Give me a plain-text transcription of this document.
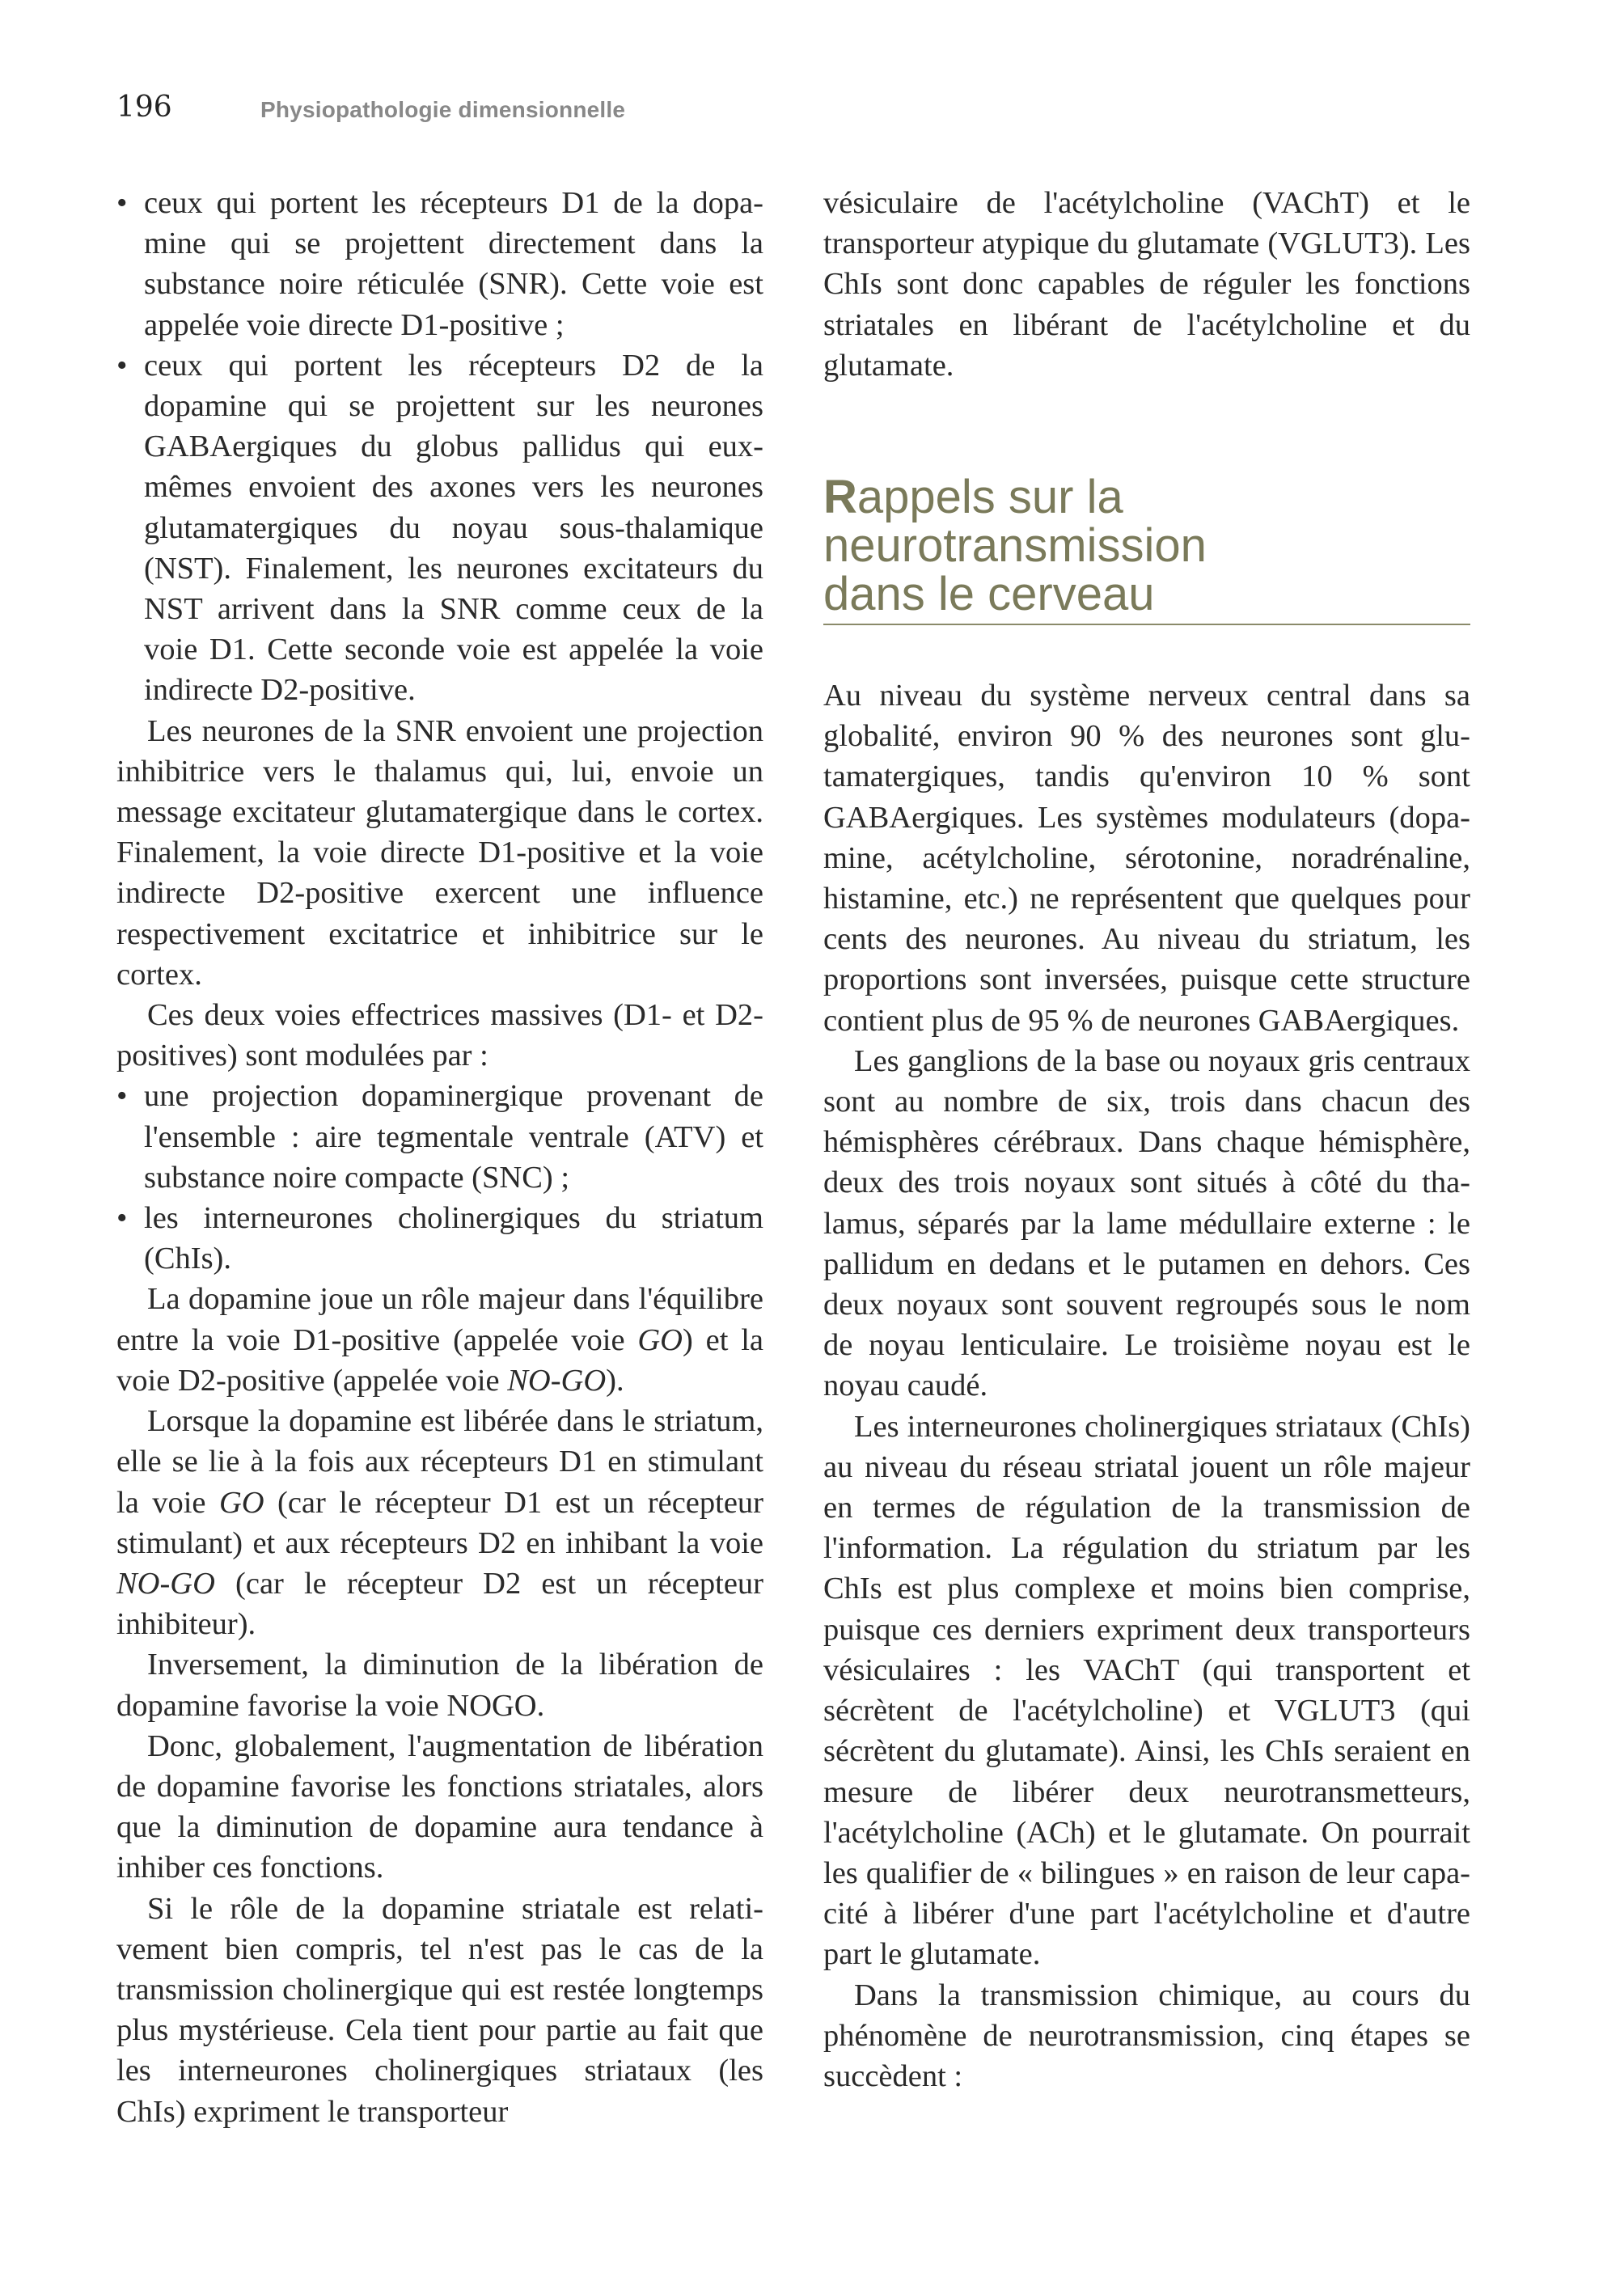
196	Physiopathologie dimensionnelle
• ceux qui portent les récepteurs D1 de la dopamine qui se projettent directement dans la substance noire réticulée (SNR). Cette voie est appelée voie directe D1-positive ;
• ceux qui portent les récepteurs D2 de la dopamine qui se projettent sur les neurones GABAergiques du globus pallidus qui eux-mêmes envoient des axones vers les neurones glutamatergiques du noyau sous-thalamique (NST). Finalement, les neurones excitateurs du NST arrivent dans la SNR comme ceux de la voie D1. Cette seconde voie est appelée la voie indirecte D2-positive.

Les neurones de la SNR envoient une projection inhibitrice vers le thalamus qui, lui, envoie un message excitateur glutamatergique dans le cortex. Finalement, la voie directe D1-positive et la voie indirecte D2-positive exercent une influence respectivement excitatrice et inhibitrice sur le cortex.

Ces deux voies effectrices massives (D1- et D2-positives) sont modulées par :

• une projection dopaminergique provenant de l'ensemble : aire tegmentale ventrale (ATV) et substance noire compacte (SNC) ;
• les interneurones cholinergiques du striatum (ChIs).

La dopamine joue un rôle majeur dans l'équilibre entre la voie D1-positive (appelée voie GO) et la voie D2-positive (appelée voie NO-GO).

Lorsque la dopamine est libérée dans le striatum, elle se lie à la fois aux récepteurs D1 en stimulant la voie GO (car le récepteur D1 est un récepteur stimulant) et aux récepteurs D2 en inhibant la voie NO-GO (car le récepteur D2 est un récepteur inhibiteur).

Inversement, la diminution de la libération de dopamine favorise la voie NOGO.

Donc, globalement, l'augmentation de libération de dopamine favorise les fonctions striatales, alors que la diminution de dopamine aura tendance à inhiber ces fonctions.

Si le rôle de la dopamine striatale est relativement bien compris, tel n'est pas le cas de la transmission cholinergique qui est restée longtemps plus mystérieuse. Cela tient pour partie au fait que les interneurones cholinergiques striataux (les ChIs) expriment le transporteur

vésiculaire de l'acétylcholine (VAChT) et le transporteur atypique du glutamate (VGLUT3). Les ChIs sont donc capables de réguler les fonctions striatales en libérant de l'acétylcholine et du glutamate.

Rappels sur la
neurotransmission
dans le cerveau

Au niveau du système nerveux central dans sa globalité, environ 90 % des neurones sont glutamatergiques, tandis qu'environ 10 % sont GABAergiques. Les systèmes modulateurs (dopamine, acétylcholine, sérotonine, noradrénaline, histamine, etc.) ne représentent que quelques pour cents des neurones. Au niveau du striatum, les proportions sont inversées, puisque cette structure contient plus de 95 % de neurones GABAergiques.

Les ganglions de la base ou noyaux gris centraux sont au nombre de six, trois dans chacun des hémisphères cérébraux. Dans chaque hémisphère, deux des trois noyaux sont situés à côté du thalamus, séparés par la lame médullaire externe : le pallidum en dedans et le putamen en dehors. Ces deux noyaux sont souvent regroupés sous le nom de noyau lenticulaire. Le troisième noyau est le noyau caudé.

Les interneurones cholinergiques striataux (ChIs) au niveau du réseau striatal jouent un rôle majeur en termes de régulation de la transmission de l'information. La régulation du striatum par les ChIs est plus complexe et moins bien comprise, puisque ces derniers expriment deux transporteurs vésiculaires : les VAChT (qui transportent et sécrètent de l'acétylcholine) et VGLUT3 (qui sécrètent du glutamate). Ainsi, les ChIs seraient en mesure de libérer deux neurotransmetteurs, l'acétylcholine (ACh) et le glutamate. On pourrait les qualifier de « bilingues » en raison de leur capacité à libérer d'une part l'acétylcholine et d'autre part le glutamate.

Dans la transmission chimique, au cours du phénomène de neurotransmission, cinq étapes se succèdent :
